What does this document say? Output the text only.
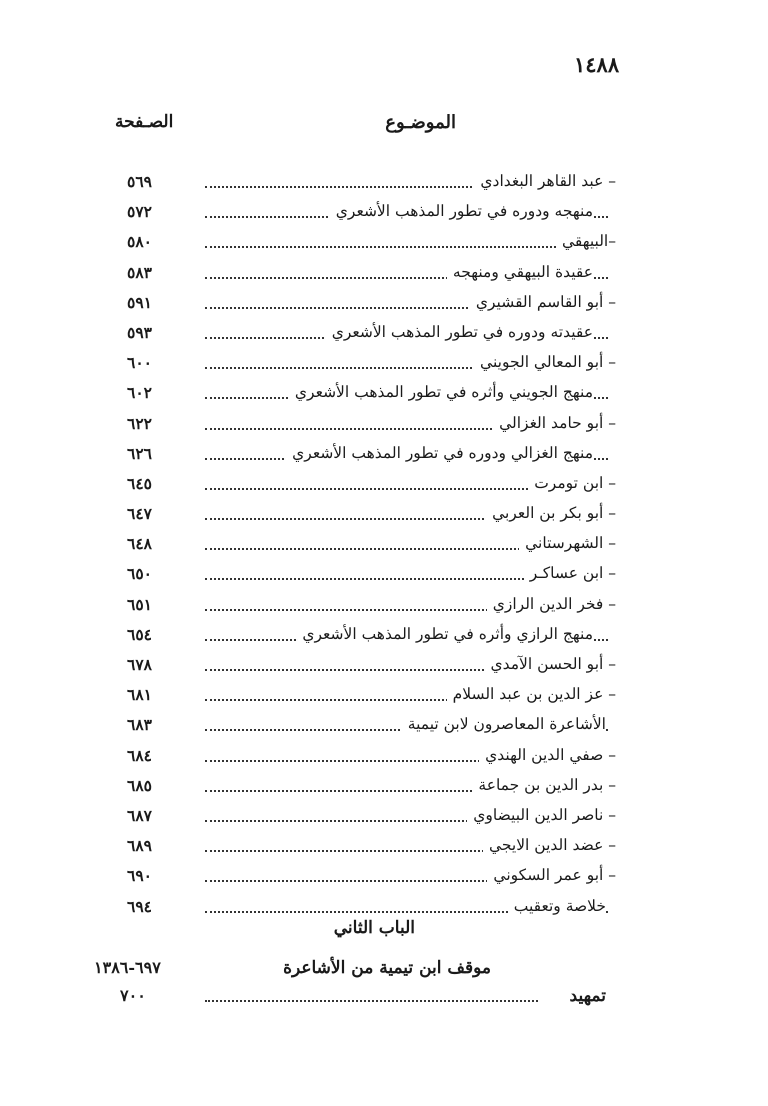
١٤٨٨
الموضـوع
الصـفحة
– عبد القاهر البغدادي
٥٦٩
منهجه ودوره في تطور المذهب الأشعري
٥٧٢
–البيهقي
٥٨٠
عقيدة البيهقي ومنهجه
٥٨٣
– أبو القاسم القشيري
٥٩١
عقيدته ودوره في تطور المذهب الأشعري
٥٩٣
– أبو المعالي الجويني
٦٠٠
منهج الجويني وأثره في تطور المذهب الأشعري
٦٠٢
– أبو حامد الغزالي
٦٢٢
منهج الغزالي ودوره في تطور المذهب الأشعري
٦٢٦
– ابن تومرت
٦٤٥
– أبو بكر بن العربي
٦٤٧
– الشهرستاني
٦٤٨
– ابن عساكـر
٦٥٠
– فخر الدين الرازي
٦٥١
منهج الرازي وأثره في تطور المذهب الأشعري
٦٥٤
– أبو الحسن الآمدي
٦٧٨
– عز الدين بن عبد السلام
٦٨١
الأشاعرة المعاصرون لابن تيمية
٦٨٣
– صفي الدين الهندي
٦٨٤
– بدر الدين بن جماعة
٦٨٥
– ناصر الدين البيضاوي
٦٨٧
– عضد الدين الايجي
٦٨٩
– أبو عمر السكوني
٦٩٠
خلاصة وتعقيب
٦٩٤
الباب الثاني
موقف ابن تيمية من الأشاعرة
٦٩٧-١٣٨٦
تمهيد
٧٠٠
